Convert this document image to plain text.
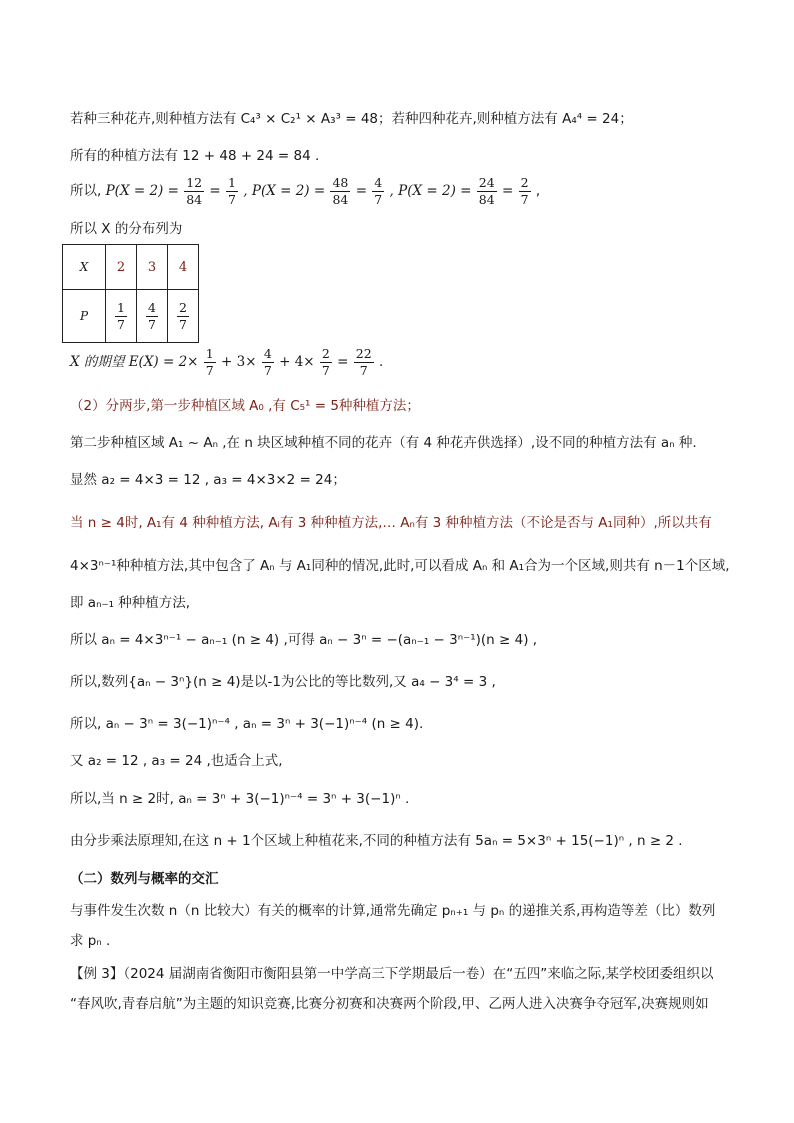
若种三种花卉,则种植方法有 C₄³ × C₂¹ × A₃³ = 48；若种四种花卉,则种植方法有 A₄⁴ = 24；
所有的种植方法有 12 + 48 + 24 = 84 .
所以, $P(X = 2) = \frac{12}{84} = \frac{1}{7}$ , $P(X = 2) = \frac{48}{84} = \frac{4}{7}$ , $P(X = 2) = \frac{24}{84} = \frac{2}{7}$ ,
所以 X 的分布列为
X	2	3	4
P	$\frac{1}{7}$	$\frac{4}{7}$	$\frac{2}{7}$
X 的期望 $E(X) = 2\times \frac{1}{7} + 3\times \frac{4}{7} + 4\times \frac{2}{7} = \frac{22}{7}$ .
（2）分两步,第一步种植区域 A₀ ,有 C₅¹ = 5种种植方法；
第二步种植区域 A₁ ~ Aₙ ,在 n 块区域种植不同的花卉（有 4 种花卉供选择）,设不同的种植方法有 aₙ 种.
显然 a₂ = 4×3 = 12 , a₃ = 4×3×2 = 24；
当 n ≥ 4时, A₁有 4 种种植方法, Aᵢ有 3 种种植方法,… Aₙ有 3 种种植方法（不论是否与 A₁同种）,所以共有
4×3ⁿ⁻¹种种植方法,其中包含了 Aₙ 与 A₁同种的情况,此时,可以看成 Aₙ 和 A₁合为一个区域,则共有 n－1个区域,
即 aₙ₋₁ 种种植方法,
所以 aₙ = 4×3ⁿ⁻¹ − aₙ₋₁ (n ≥ 4) ,可得 aₙ − 3ⁿ = −(aₙ₋₁ − 3ⁿ⁻¹)(n ≥ 4) ,
所以,数列{aₙ − 3ⁿ}(n ≥ 4)是以-1为公比的等比数列,又 a₄ − 3⁴ = 3 ,
所以, aₙ − 3ⁿ = 3(−1)ⁿ⁻⁴ , aₙ = 3ⁿ + 3(−1)ⁿ⁻⁴ (n ≥ 4).
又 a₂ = 12 , a₃ = 24 ,也适合上式,
所以,当 n ≥ 2时, aₙ = 3ⁿ + 3(−1)ⁿ⁻⁴ = 3ⁿ + 3(−1)ⁿ .
由分步乘法原理知,在这 n + 1个区域上种植花来,不同的种植方法有 5aₙ = 5×3ⁿ + 15(−1)ⁿ , n ≥ 2 .
（二）数列与概率的交汇
与事件发生次数 n（n 比较大）有关的概率的计算,通常先确定 pₙ₊₁ 与 pₙ 的递推关系,再构造等差（比）数列
求 pₙ .
【例 3】（2024 届湖南省衡阳市衡阳县第一中学高三下学期最后一卷）在“五四”来临之际,某学校团委组织以
“春风吹,青春启航”为主题的知识竞赛,比赛分初赛和决赛两个阶段,甲、乙两人进入决赛争夺冠军,决赛规则如
